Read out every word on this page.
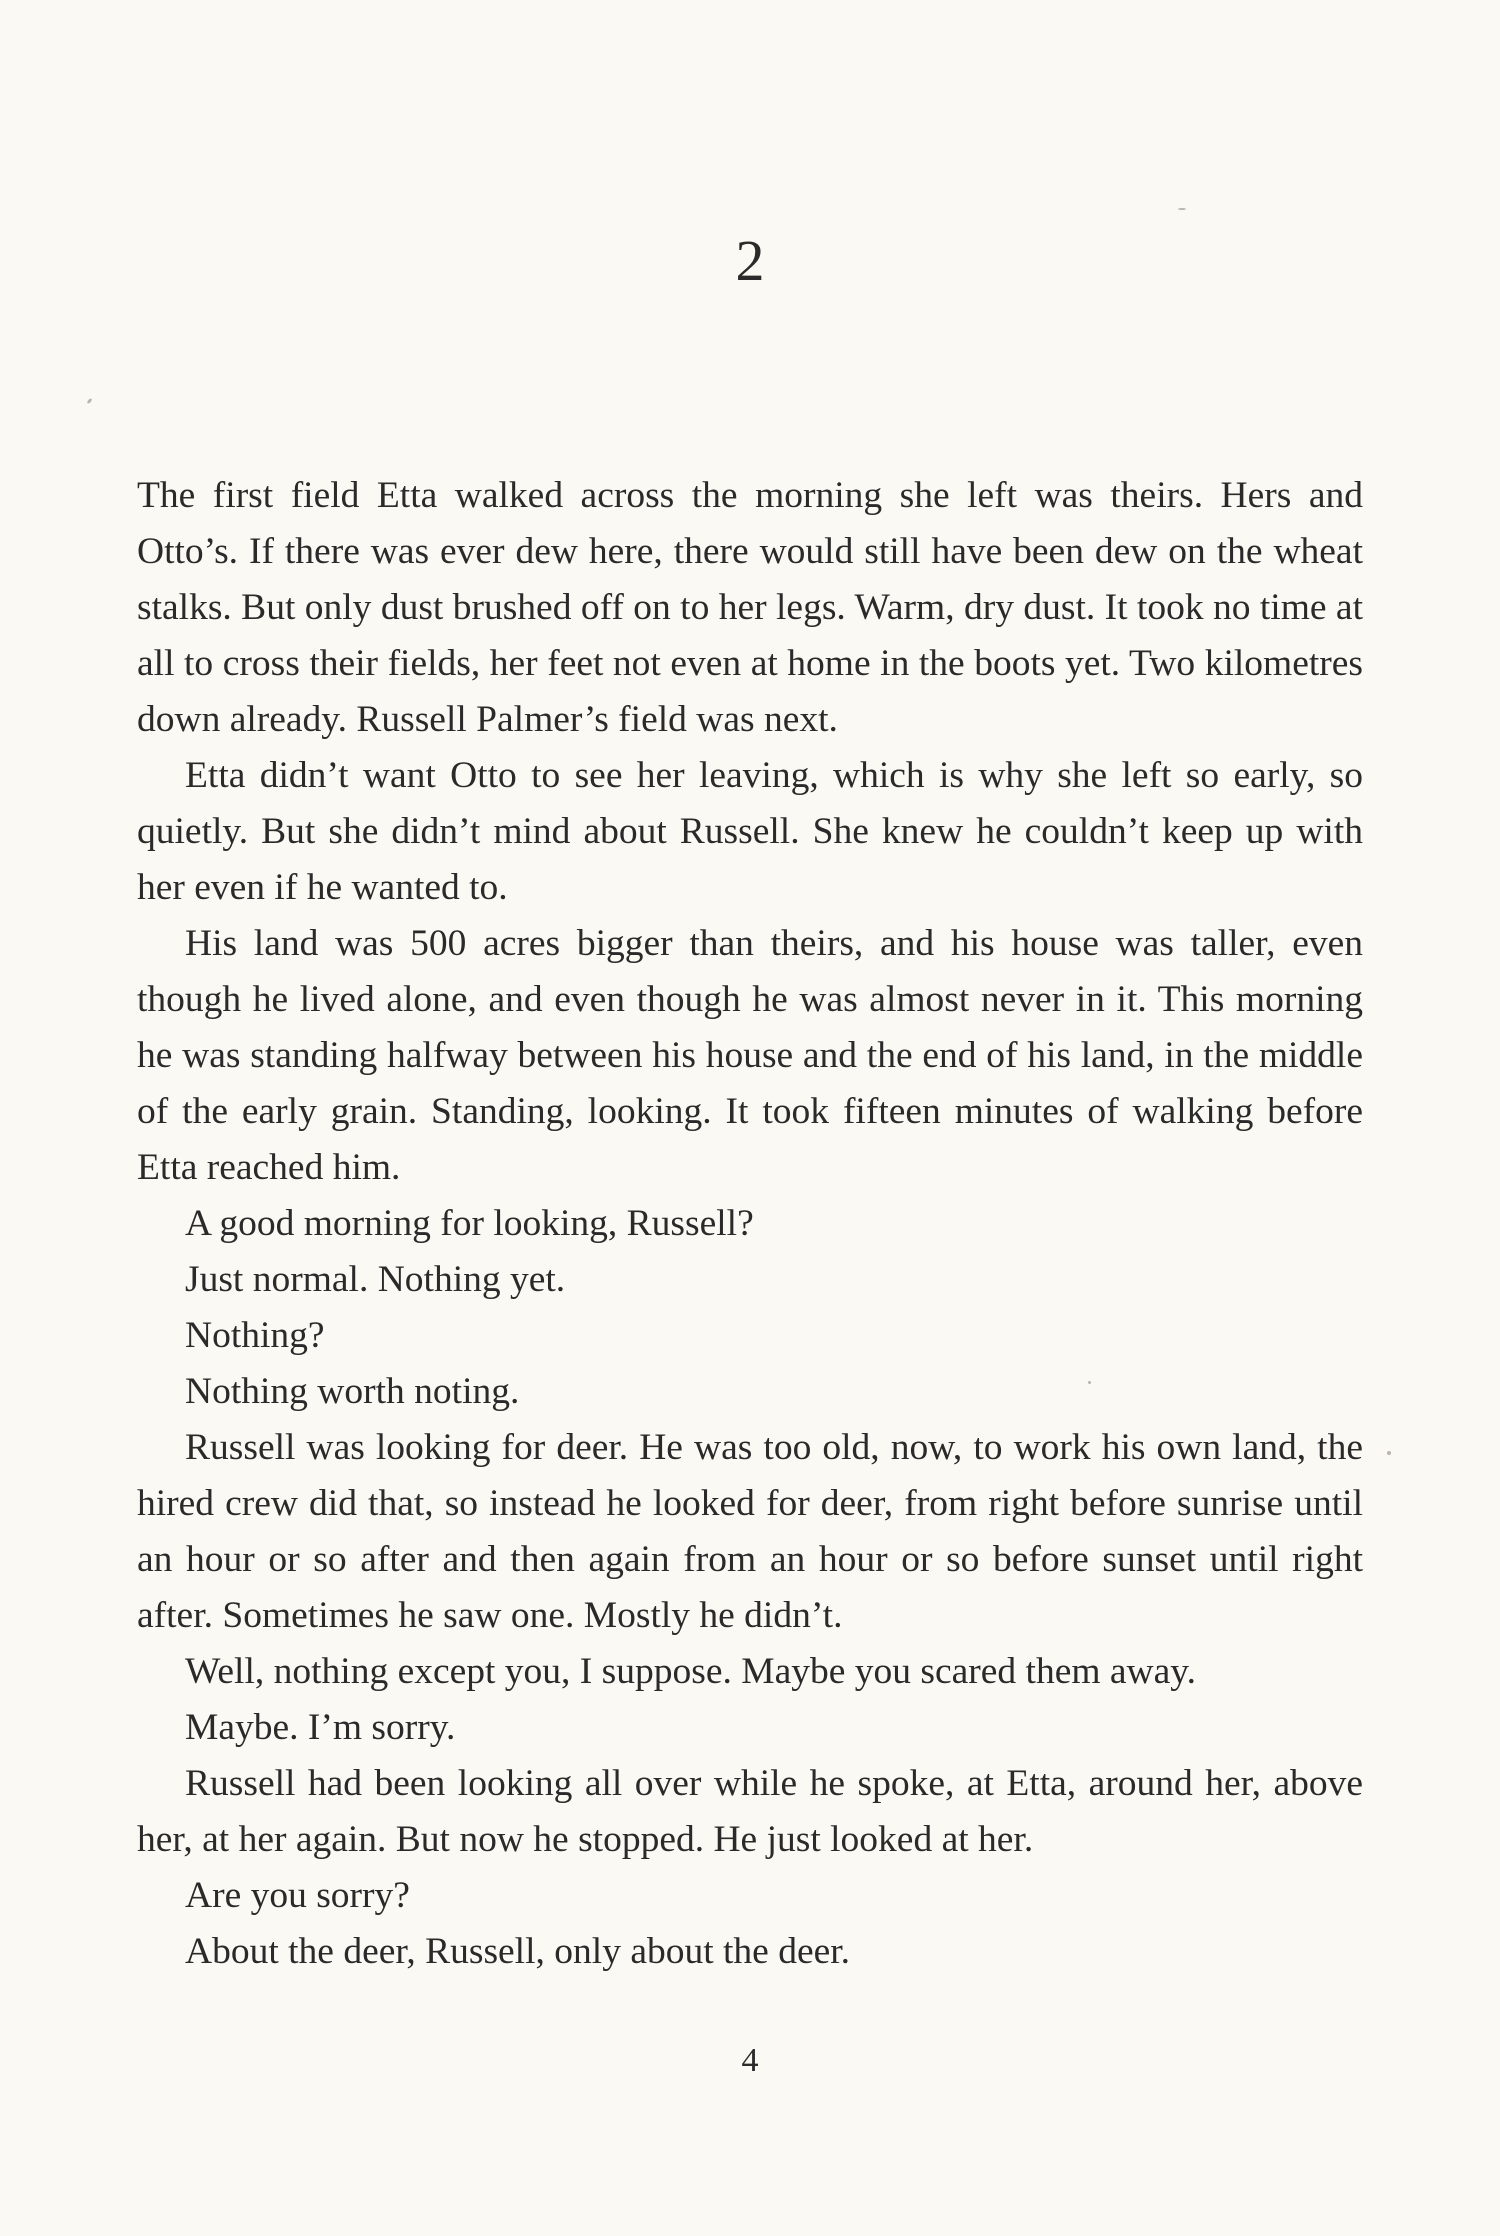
2

The first field Etta walked across the morning she left was theirs. Hers and Otto’s. If there was ever dew here, there would still have been dew on the wheat stalks. But only dust brushed off on to her legs. Warm, dry dust. It took no time at all to cross their fields, her feet not even at home in the boots yet. Two kilometres down already. Russell Palmer’s field was next.

Etta didn’t want Otto to see her leaving, which is why she left so early, so quietly. But she didn’t mind about Russell. She knew he couldn’t keep up with her even if he wanted to.

His land was 500 acres bigger than theirs, and his house was taller, even though he lived alone, and even though he was almost never in it. This morning he was standing halfway between his house and the end of his land, in the middle of the early grain. Standing, looking. It took fifteen minutes of walking before Etta reached him.

A good morning for looking, Russell?

Just normal. Nothing yet.

Nothing?

Nothing worth noting.

Russell was looking for deer. He was too old, now, to work his own land, the hired crew did that, so instead he looked for deer, from right before sunrise until an hour or so after and then again from an hour or so before sunset until right after. Sometimes he saw one. Mostly he didn’t.

Well, nothing except you, I suppose. Maybe you scared them away.

Maybe. I’m sorry.

Russell had been looking all over while he spoke, at Etta, around her, above her, at her again. But now he stopped. He just looked at her.

Are you sorry?

About the deer, Russell, only about the deer.

4
